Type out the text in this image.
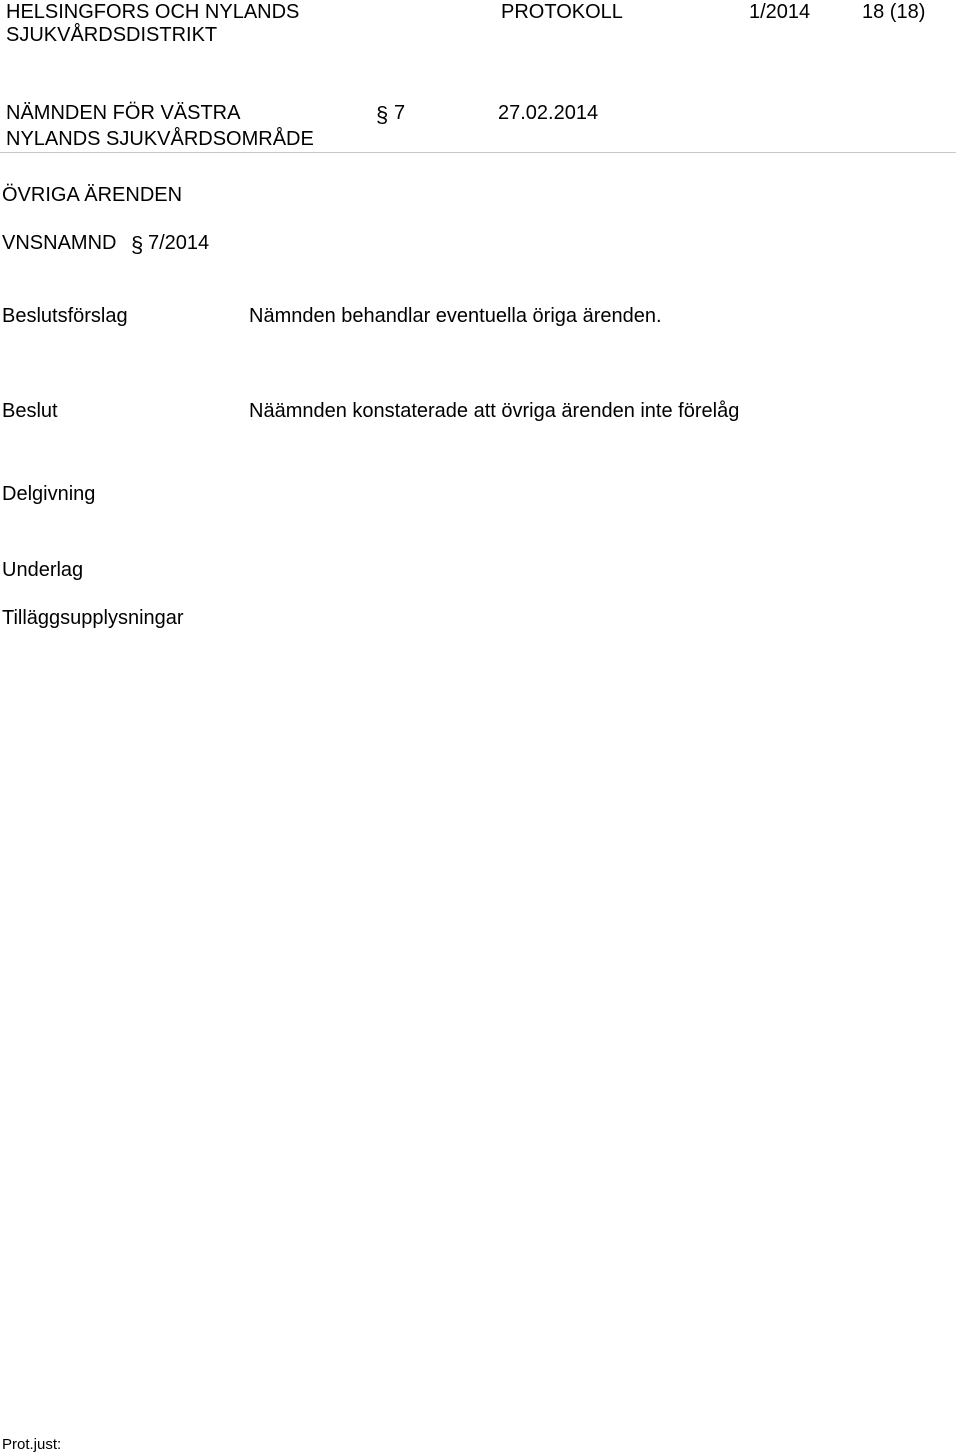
HELSINGFORS OCH NYLANDS
SJUKVÅRDSDISTRIKT
PROTOKOLL	1/2014	18 (18)
NÄMNDEN FÖR VÄSTRA
NYLANDS SJUKVÅRDSOMRÅDE
§ 7	27.02.2014
ÖVRIGA ÄRENDEN
VNSNAMND § 7/2014
Beslutsförslag	Nämnden behandlar eventuella öriga ärenden.
Beslut	Näämnden konstaterade att övriga ärenden inte förelåg
Delgivning
Underlag
Tilläggsupplysningar
Prot.just:
